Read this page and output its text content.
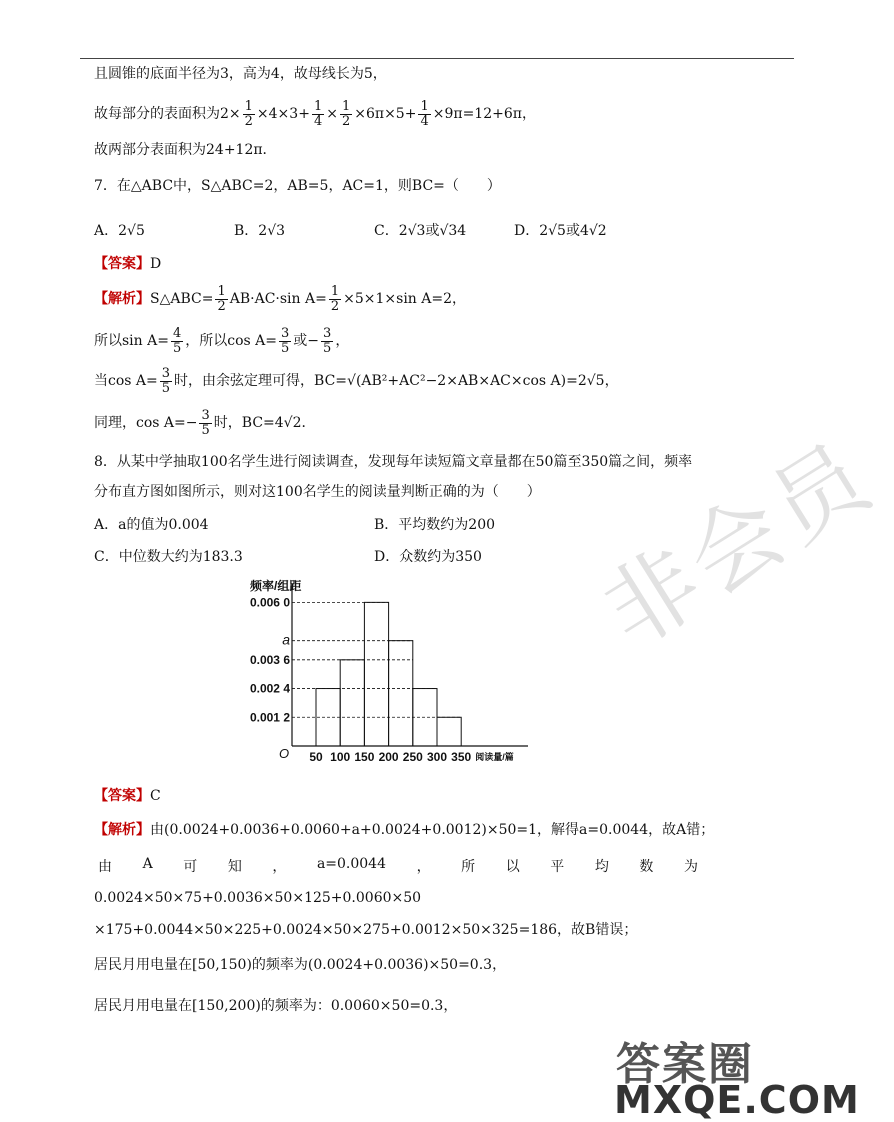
且圆锥的底面半径为3，高为4，故母线长为5，
故每部分的表面积为$2\times \frac{1}{2} \times 4\times 3+ \frac{1}{4} \times \frac{1}{2} \times 6\pi\times 5+ \frac{1}{4} \times 9\pi=12+6\pi$，
故两部分表面积为24+12π．
7．在△ABC中，S△ABC=2，AB=5，AC=1，则BC=（　　）
A．2√5	B．2√3	C．2√3或√34	D．2√5或4√2
【答案】D
【解析】S△ABC= $\frac{1}{2} AB\cdot AC\cdot\sin$ $A= \frac{1}{2} \times 5\times 1\times\sin$ A=2，
所以$\sin A= \frac{4}{5}$ ，所以$\cos A= \frac{3}{5}$ 或− $\frac{3}{5}$ ，
当$\cos A= \frac{3}{5}$ 时，由余弦定理可得，BC=√(AB²+AC²−2×AB×AC×cos A)=2√5，
同理，$\cos A=- \frac{3}{5}$ 时，BC=4√2．
8．从某中学抽取100名学生进行阅读调查，发现每年读短篇文章量都在50篇至350篇之间，频率
分布直方图如图所示，则对这100名学生的阅读量判断正确的为（　　）
A．a的值为0.004	B．平均数约为200
C．中位数大约为183.3	D．众数约为350
频率/组距
O
0.006 0
a
0.003 6
0.002 4
0.001 2
50 100 150 200 250 300 350 阅读量/篇
【答案】C
【解析】由(0.0024+0.0036+0.0060+a+0.0024+0.0012)×50=1，解得a=0.0044，故A错；
由 A 可 知 ， a=0.0044 ， 所 以 平 均 数 为
0.0024×50×75+0.0036×50×125+0.0060×50
×175+0.0044×50×225+0.0024×50×275+0.0012×50×325=186，故B错误；
居民月用电量在[50,150)的频率为(0.0024+0.0036)×50=0.3，
居民月用电量在[150,200)的频率为：0.0060×50=0.3，
非会员
答案圈
MXQE.COM
